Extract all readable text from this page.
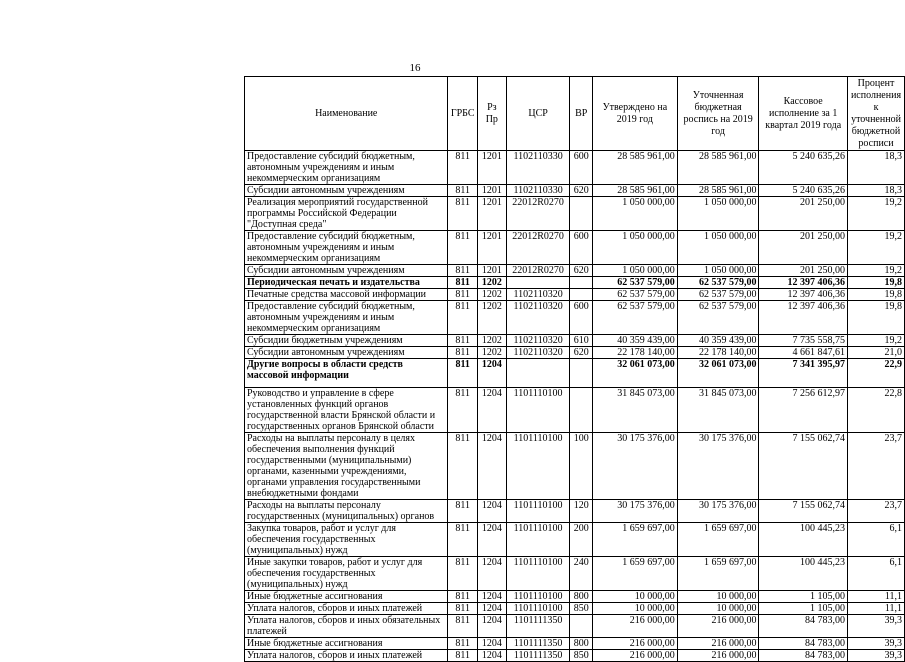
16
Наименование	ГРБС	Рз Пр	ЦСР	ВР	Утверждено на 2019 год	Уточненная бюджетная роспись на 2019 год	Кассовое исполнение за 1 квартал 2019 года	Процент исполнения к уточненной бюджетной росписи
Предоставление субсидий бюджетным, автономным учреждениям и иным некоммерческим организациям	811	1201	1102110330	600	28 585 961,00	28 585 961,00	5 240 635,26	18,3
Субсидии автономным учреждениям	811	1201	1102110330	620	28 585 961,00	28 585 961,00	5 240 635,26	18,3
Реализация мероприятий государственной программы Российской Федерации "Доступная среда"	811	1201	22012R0270		1 050 000,00	1 050 000,00	201 250,00	19,2
Предоставление субсидий бюджетным, автономным учреждениям и иным некоммерческим организациям	811	1201	22012R0270	600	1 050 000,00	1 050 000,00	201 250,00	19,2
Субсидии автономным учреждениям	811	1201	22012R0270	620	1 050 000,00	1 050 000,00	201 250,00	19,2
Периодическая печать и издательства	811	1202			62 537 579,00	62 537 579,00	12 397 406,36	19,8
Печатные средства массовой информации	811	1202	1102110320		62 537 579,00	62 537 579,00	12 397 406,36	19,8
Предоставление субсидий бюджетным, автономным учреждениям и иным некоммерческим организациям	811	1202	1102110320	600	62 537 579,00	62 537 579,00	12 397 406,36	19,8
Субсидии бюджетным учреждениям	811	1202	1102110320	610	40 359 439,00	40 359 439,00	7 735 558,75	19,2
Субсидии автономным учреждениям	811	1202	1102110320	620	22 178 140,00	22 178 140,00	4 661 847,61	21,0
Другие вопросы в области средств массовой информации	811	1204			32 061 073,00	32 061 073,00	7 341 395,97	22,9
Руководство и управление в сфере установленных функций органов государственной власти Брянской области и государственных органов Брянской области	811	1204	1101110100		31 845 073,00	31 845 073,00	7 256 612,97	22,8
Расходы на выплаты персоналу в целях обеспечения выполнения функций государственными (муниципальными) органами, казенными учреждениями, органами управления государственными внебюджетными фондами	811	1204	1101110100	100	30 175 376,00	30 175 376,00	7 155 062,74	23,7
Расходы на выплаты персоналу государственных (муниципальных) органов	811	1204	1101110100	120	30 175 376,00	30 175 376,00	7 155 062,74	23,7
Закупка товаров, работ и услуг для обеспечения государственных (муниципальных) нужд	811	1204	1101110100	200	1 659 697,00	1 659 697,00	100 445,23	6,1
Иные закупки товаров, работ и услуг для обеспечения государственных (муниципальных) нужд	811	1204	1101110100	240	1 659 697,00	1 659 697,00	100 445,23	6,1
Иные бюджетные ассигнования	811	1204	1101110100	800	10 000,00	10 000,00	1 105,00	11,1
Уплата налогов, сборов и иных платежей	811	1204	1101110100	850	10 000,00	10 000,00	1 105,00	11,1
Уплата налогов, сборов и иных обязательных платежей	811	1204	1101111350		216 000,00	216 000,00	84 783,00	39,3
Иные бюджетные ассигнования	811	1204	1101111350	800	216 000,00	216 000,00	84 783,00	39,3
Уплата налогов, сборов и иных платежей	811	1204	1101111350	850	216 000,00	216 000,00	84 783,00	39,3
